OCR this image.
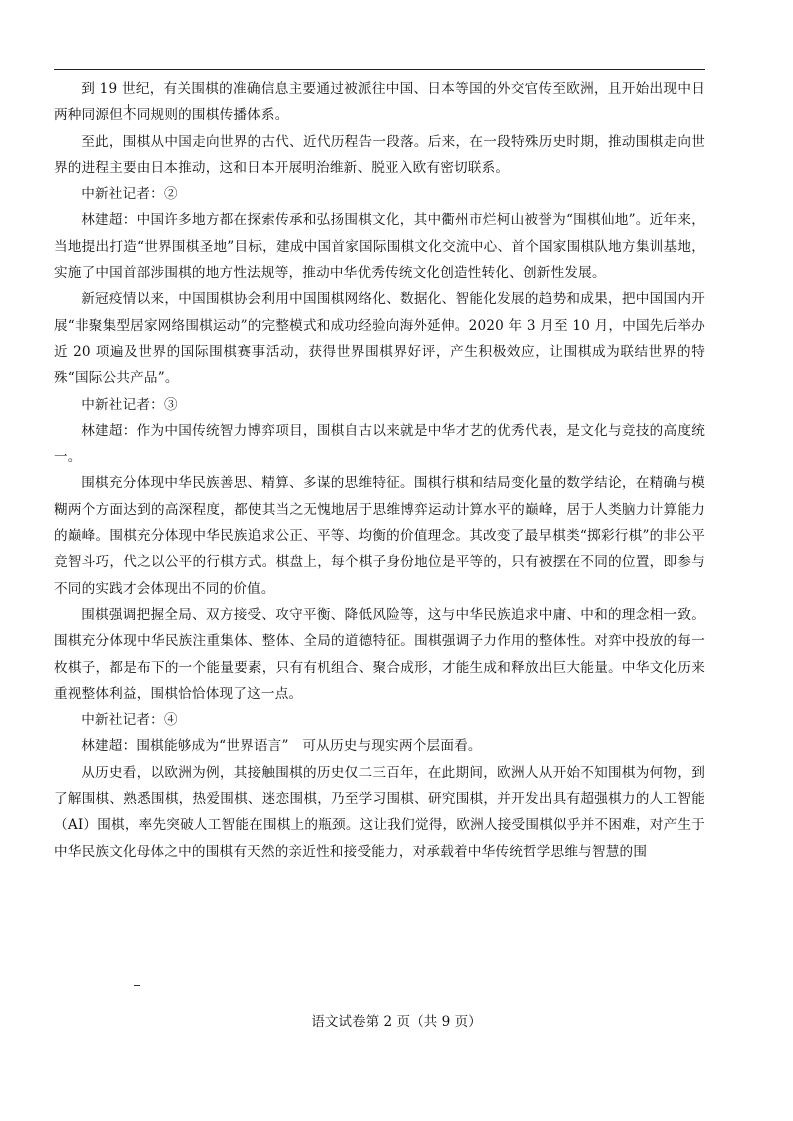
到 19 世纪，有关围棋的准确信息主要通过被派往中国、日本等国的外交官传至欧洲，且开始出现中日两种同源但不同规则的围棋传播体系。

至此，围棋从中国走向世界的古代、近代历程告一段落。后来，在一段特殊历史时期，推动围棋走向世界的进程主要由日本推动，这和日本开展明治维新、脱亚入欧有密切联系。

中新社记者：②

林建超：中国许多地方都在探索传承和弘扬围棋文化，其中衢州市烂柯山被誉为“围棋仙地”。近年来，当地提出打造“世界围棋圣地”目标，建成中国首家国际围棋文化交流中心、首个国家围棋队地方集训基地，实施了中国首部涉围棋的地方性法规等，推动中华优秀传统文化创造性转化、创新性发展。

新冠疫情以来，中国围棋协会利用中国围棋网络化、数据化、智能化发展的趋势和成果，把中国国内开展“非聚集型居家网络围棋运动”的完整模式和成功经验向海外延伸。2020 年 3 月至 10 月，中国先后举办近 20 项遍及世界的国际围棋赛事活动，获得世界围棋界好评，产生积极效应，让围棋成为联结世界的特殊“国际公共产品”。

中新社记者：③

林建超：作为中国传统智力博弈项目，围棋自古以来就是中华才艺的优秀代表，是文化与竞技的高度统一。

围棋充分体现中华民族善思、精算、多谋的思维特征。围棋行棋和结局变化量的数学结论，在精确与模糊两个方面达到的高深程度，都使其当之无愧地居于思维博弈运动计算水平的巅峰，居于人类脑力计算能力的巅峰。围棋充分体现中华民族追求公正、平等、均衡的价值理念。其改变了最早棋类“掷彩行棋”的非公平竞智斗巧，代之以公平的行棋方式。棋盘上，每个棋子身份地位是平等的，只有被摆在不同的位置，即参与不同的实践才会体现出不同的价值。

围棋强调把握全局、双方接受、攻守平衡、降低风险等，这与中华民族追求中庸、中和的理念相一致。围棋充分体现中华民族注重集体、整体、全局的道德特征。围棋强调子力作用的整体性。对弈中投放的每一枚棋子，都是布下的一个能量要素，只有有机组合、聚合成形，才能生成和释放出巨大能量。中华文化历来重视整体利益，围棋恰恰体现了这一点。

中新社记者：④

林建超：围棋能够成为“世界语言”　可从历史与现实两个层面看。

从历史看，以欧洲为例，其接触围棋的历史仅二三百年，在此期间，欧洲人从开始不知围棋为何物，到了解围棋、熟悉围棋，热爱围棋、迷恋围棋，乃至学习围棋、研究围棋，并开发出具有超强棋力的人工智能（AI）围棋，率先突破人工智能在围棋上的瓶颈。这让我们觉得，欧洲人接受围棋似乎并不困难，对产生于中华民族文化母体之中的围棋有天然的亲近性和接受能力，对承载着中华传统哲学思维与智慧的围

语文试卷第 2 页（共 9 页）
